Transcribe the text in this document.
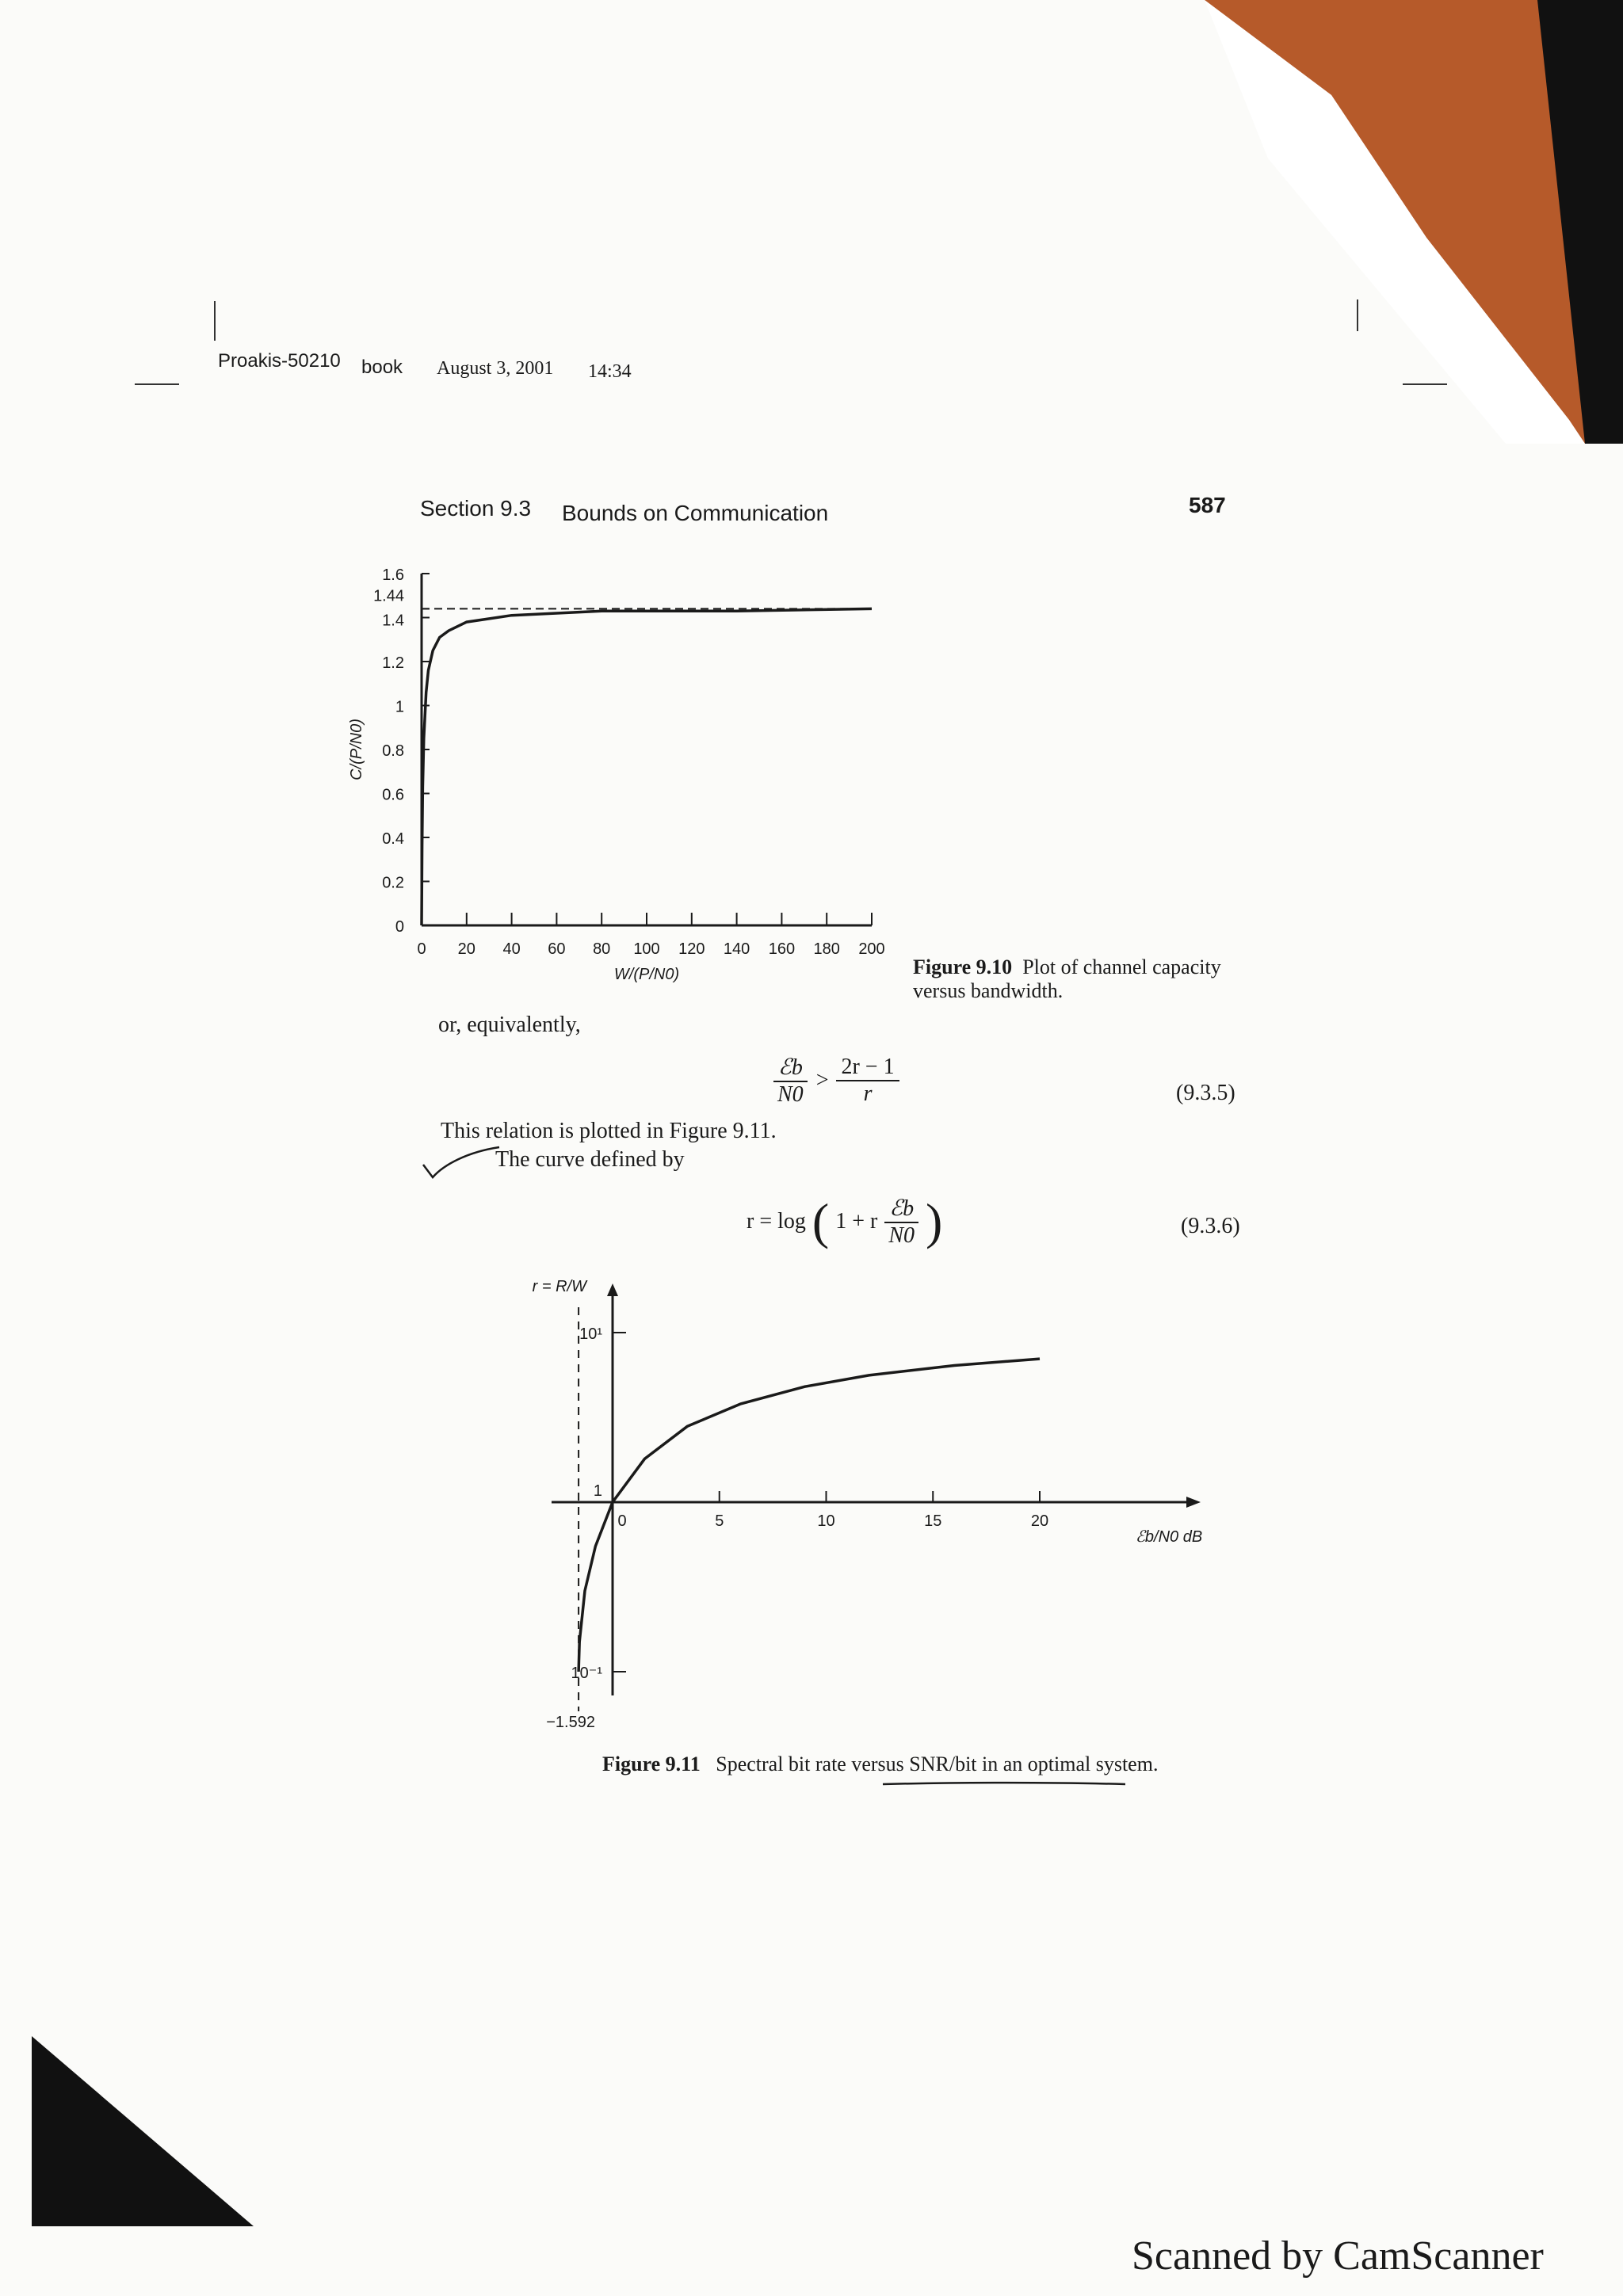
Proakis-50210 book August 3, 2001 14:34
Section 9.3 Bounds on Communication	587
0
0.2
0.4
0.6
0.8
1
1.2
1.4
1.44
1.6
0 20 40 60 80 100 120 140 160 180 200
W/(P/N0)
C/(P/N0)
Figure 9.10 Plot of channel capacity
versus bandwidth.
or, equivalently,
$\frac{\text{ℰb}}{N0} > \frac{2r - 1}{r}$	(9.3.5)
This relation is plotted in Figure 9.11.
The curve defined by
r = log ( 1 + r $\frac{\text{ℰb}}{N0}$ )	(9.3.6)
−1.592
0	5	10	15	20
10⁻¹
1
10¹
r = R/W
ℰb/N0 dB
Figure 9.11 Spectral bit rate versus SNR/bit in an optimal system.
Scanned by CamScanner
